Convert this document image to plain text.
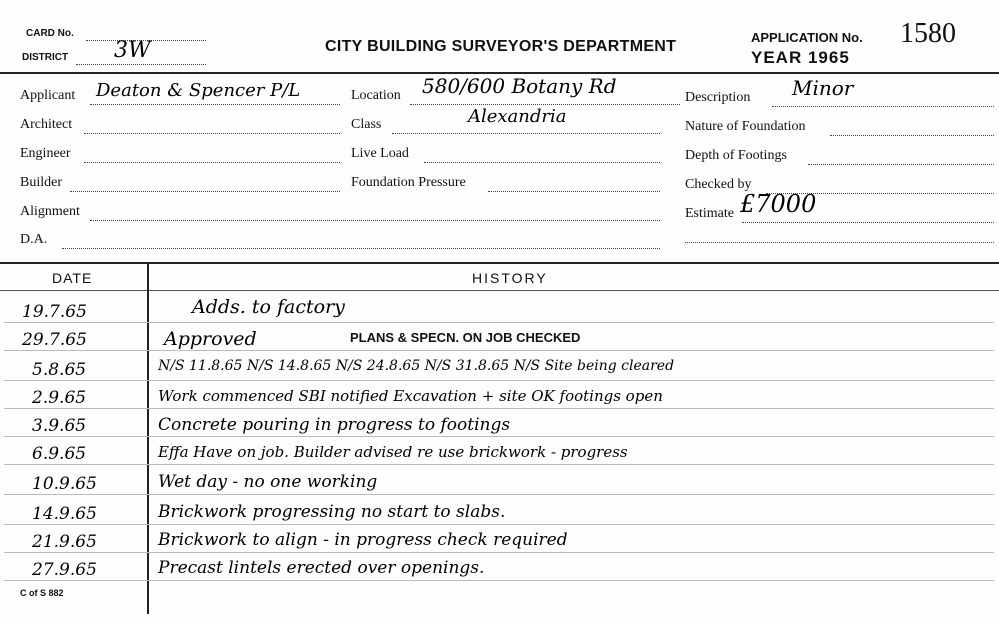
CARD No.
DISTRICT 3W	CITY BUILDING SURVEYOR'S DEPARTMENT
APPLICATION No. 1580
YEAR 1965
Applicant Deaton & Spencer P/L
Architect
Engineer
Builder
Alignment
D.A.
Location 580/600 Botany Rd
Class	Alexandria
Live Load
Foundation Pressure
Description Minor
Nature of Foundation
Depth of Footings
Checked by
Estimate £7000
DATE	HISTORY
19.7.65	Adds. to factory
29.7.65	Approved	PLANS & SPECN. ON JOB CHECKED
5.8.65	N/S 11.8.65 N/S 14.8.65 N/S 24.8.65 N/S 31.8.65 N/S Site being cleared
2.9.65	Work commenced SBI notified Excavation + site OK footings open
3.9.65	Concrete pouring in progress to footings
6.9.65	Effa Have on job. Builder advised re use brickwork - progress
10.9.65	Wet day - no one working
14.9.65	Brickwork progressing no start to slabs.
21.9.65	Brickwork to align - in progress check required
27.9.65	Precast lintels erected over openings.
C of S 882
